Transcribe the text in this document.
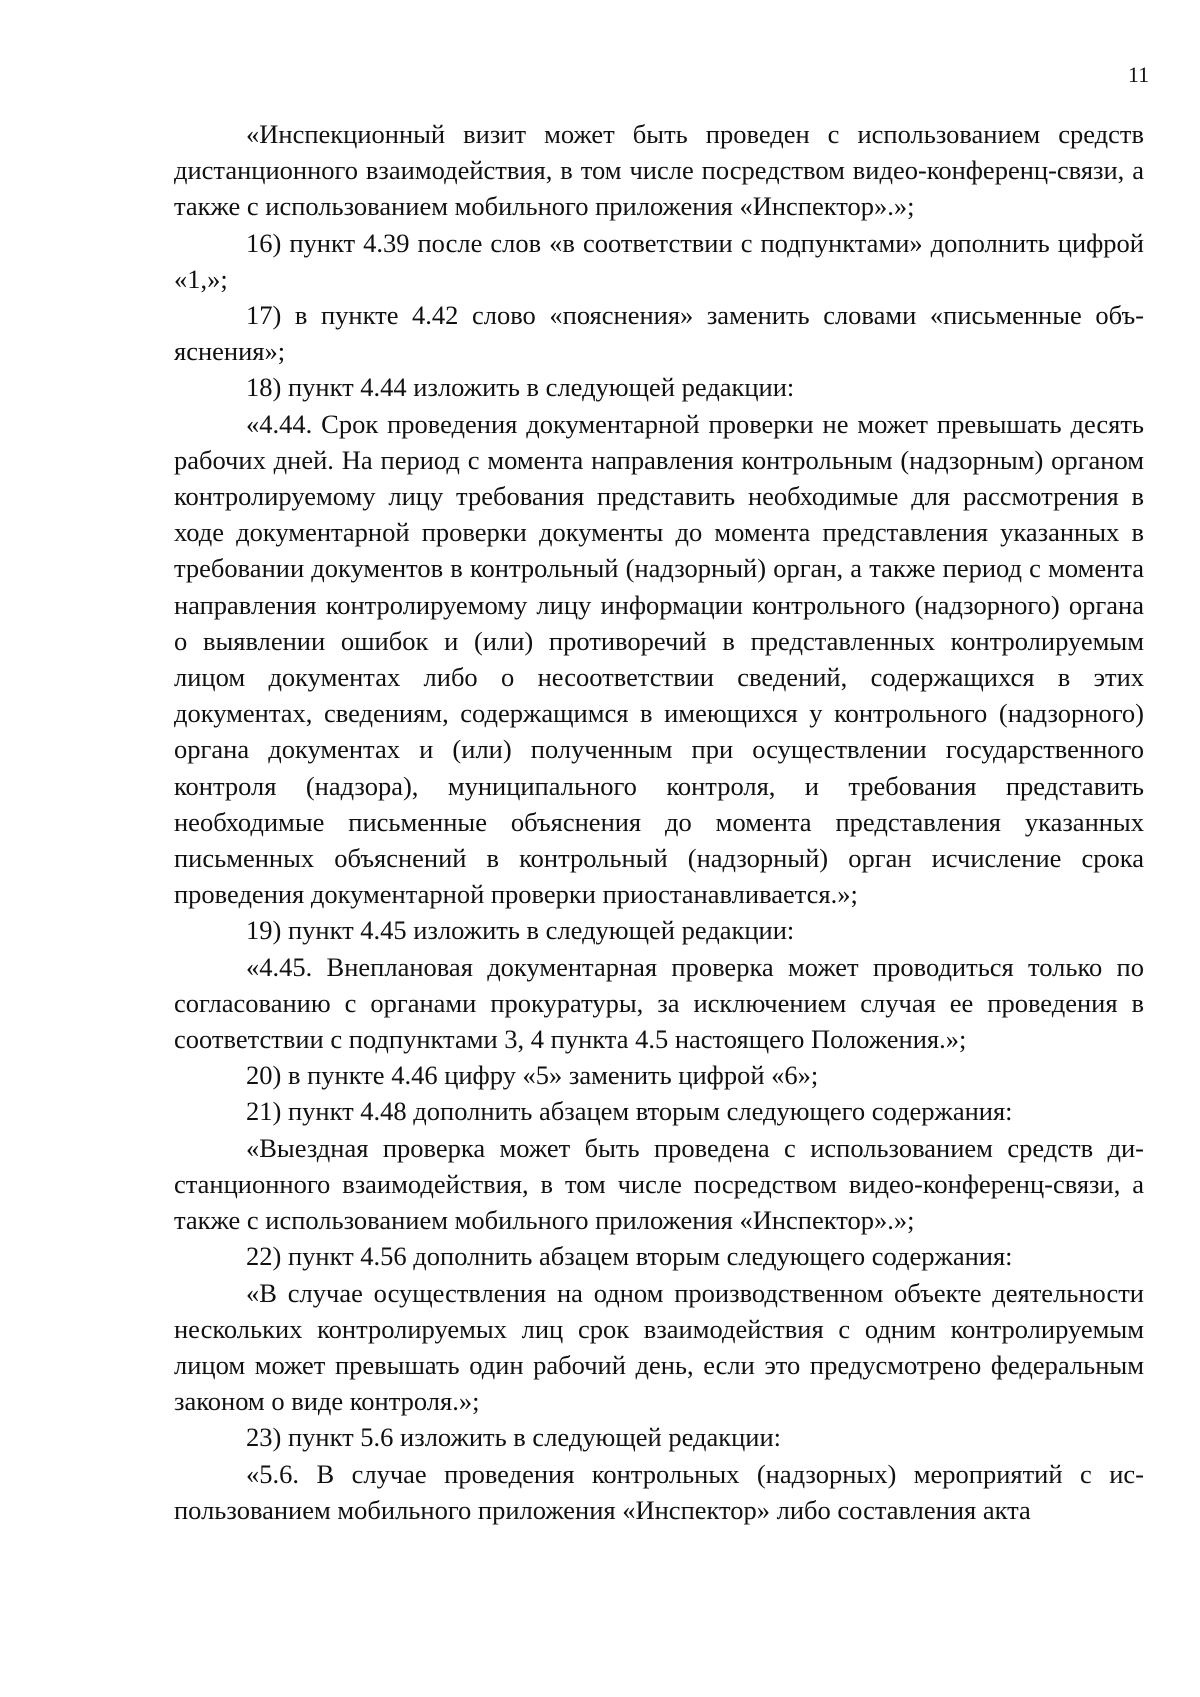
11

«Инспекционный визит может быть проведен с использованием средств дистанционного взаимодействия, в том числе посредством видео-конференц-связи, а также с использованием мобильного приложения «Инспектор».»;

16) пункт 4.39 после слов «в соответствии с подпунктами» дополнить цифрой «1,»;

17) в пункте 4.42 слово «пояснения» заменить словами «письменные объяснения»;

18) пункт 4.44 изложить в следующей редакции:

«4.44. Срок проведения документарной проверки не может превышать десять рабочих дней. На период с момента направления контрольным (надзорным) органом контролируемому лицу требования представить необходимые для рассмотрения в ходе документарной проверки документы до момента представления указанных в требовании документов в контрольный (надзорный) орган, а также период с момента направления контролируемому лицу информации контрольного (надзорного) органа о выявлении ошибок и (или) противоречий в представленных контролируемым лицом документах либо о несоответствии сведений, содержащихся в этих документах, сведениям, содержащимся в имеющихся у контрольного (надзорного) органа документах и (или) полученным при осуществлении государственного контроля (надзора), муниципального контроля, и требования представить необходимые письменные объяснения до момента представления указанных письменных объяснений в контрольный (надзорный) орган исчисление срока проведения документарной проверки приостанавливается.»;

19) пункт 4.45 изложить в следующей редакции:

«4.45. Внеплановая документарная проверка может проводиться только по согласованию с органами прокуратуры, за исключением случая ее проведения в соответствии с подпунктами 3, 4 пункта 4.5 настоящего Положения.»;

20) в пункте 4.46 цифру «5» заменить цифрой «6»;

21) пункт 4.48 дополнить абзацем вторым следующего содержания:

«Выездная проверка может быть проведена с использованием средств дистанционного взаимодействия, в том числе посредством видео-конференц-связи, а также с использованием мобильного приложения «Инспектор».»;

22) пункт 4.56 дополнить абзацем вторым следующего содержания:

«В случае осуществления на одном производственном объекте деятельности нескольких контролируемых лиц срок взаимодействия с одним контролируемым лицом может превышать один рабочий день, если это предусмотрено федеральным законом о виде контроля.»;

23) пункт 5.6 изложить в следующей редакции:

«5.6. В случае проведения контрольных (надзорных) мероприятий с использованием мобильного приложения «Инспектор» либо составления акта
